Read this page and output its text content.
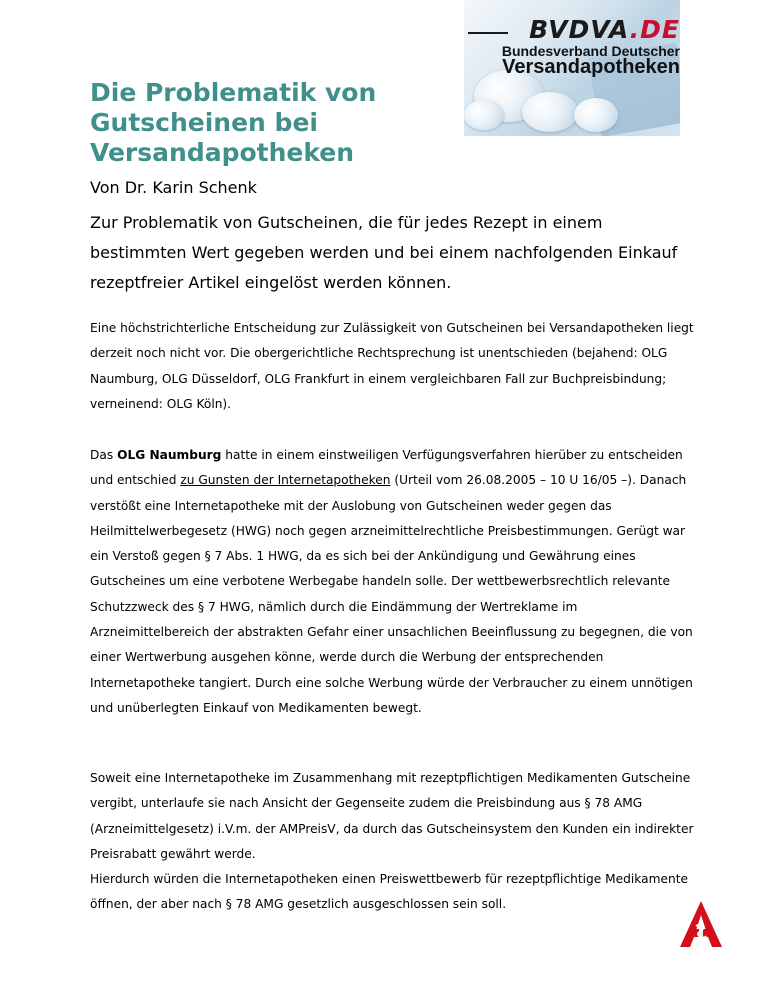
BVDVA.DE
Bundesverband Deutscher
Versandapotheken
Die Problematik von Gutscheinen bei Versandapotheken

Von Dr. Karin Schenk

Zur Problematik von Gutscheinen, die für jedes Rezept in einem bestimmten Wert gegeben werden und bei einem nachfolgenden Einkauf rezeptfreier Artikel eingelöst werden können.

Eine höchstrichterliche Entscheidung zur Zulässigkeit von Gutscheinen bei Versandapotheken liegt derzeit noch nicht vor. Die obergerichtliche Rechtsprechung ist unentschieden (bejahend: OLG Naumburg, OLG Düsseldorf, OLG Frankfurt in einem vergleichbaren Fall zur Buchpreisbindung; verneinend: OLG Köln).

Das OLG Naumburg hatte in einem einstweiligen Verfügungsverfahren hierüber zu entscheiden und entschied zu Gunsten der Internetapotheken (Urteil vom 26.08.2005 – 10 U 16/05 –). Danach verstößt eine Internetapotheke mit der Auslobung von Gutscheinen weder gegen das Heilmittelwerbegesetz (HWG) noch gegen arzneimittelrechtliche Preisbestimmungen. Gerügt war ein Verstoß gegen § 7 Abs. 1 HWG, da es sich bei der Ankündigung und Gewährung eines Gutscheines um eine verbotene Werbegabe handeln solle. Der wettbewerbsrechtlich relevante Schutzzweck des § 7 HWG, nämlich durch die Eindämmung der Wertreklame im Arzneimittelbereich der abstrakten Gefahr einer unsachlichen Beeinflussung zu begegnen, die von einer Wertwerbung ausgehen könne, werde durch die Werbung der entsprechenden Internetapotheke tangiert. Durch eine solche Werbung würde der Verbraucher zu einem unnötigen und unüberlegten Einkauf von Medikamenten bewegt.

Soweit eine Internetapotheke im Zusammenhang mit rezeptpflichtigen Medikamenten Gutscheine vergibt, unterlaufe sie nach Ansicht der Gegenseite zudem die Preisbindung aus § 78 AMG (Arzneimittelgesetz) i.V.m. der AMPreisV, da durch das Gutscheinsystem den Kunden ein indirekter Preisrabatt gewährt werde.
Hierdurch würden die Internetapotheken einen Preiswettbewerb für rezeptpflichtige Medikamente öffnen, der aber nach § 78 AMG gesetzlich ausgeschlossen sein soll.
